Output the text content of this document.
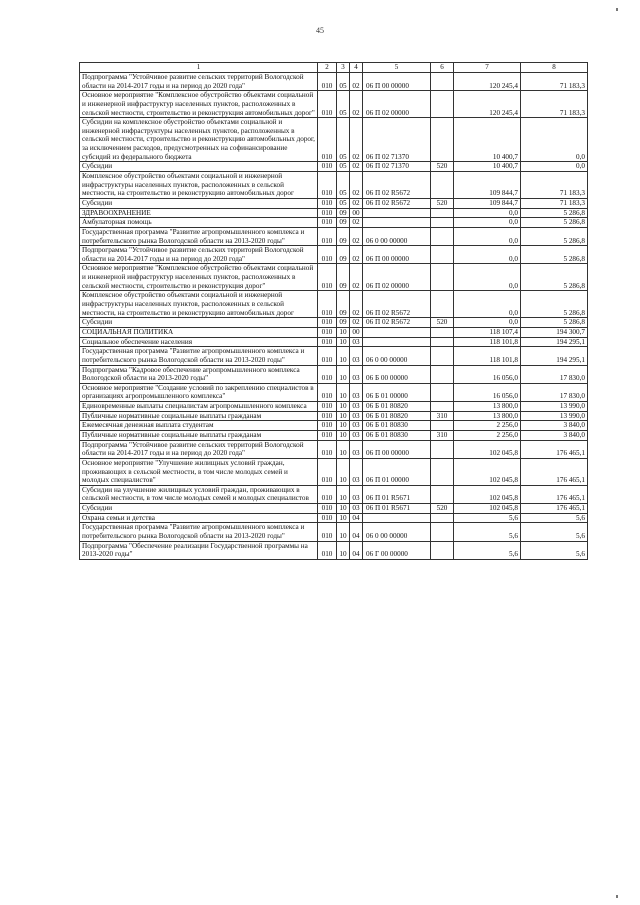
45
1	2	3	4	5	6	7	8
Подпрограмма "Устойчивое развитие сельских территорий Вологодской области на 2014-2017 годы и на период до 2020 года"	010	05	02	06 П 00 00000		120 245,4	71 183,3
Основное мероприятие "Комплексное обустройство объектами социальной и инженерной инфраструктур населенных пунктов, расположенных в сельской местности, строительство и реконструкция автомобильных дорог"	010	05	02	06 П 02 00000		120 245,4	71 183,3
Субсидии на комплексное обустройство объектами социальной и инженерной инфраструктуры населенных пунктов, расположенных в сельской местности, строительство и реконструкцию автомобильных дорог, за исключением расходов, предусмотренных на софинансирование субсидий из федерального бюджета	010	05	02	06 П 02 71370		10 400,7	0,0
Субсидии	010	05	02	06 П 02 71370	520	10 400,7	0,0
Комплексное обустройство объектами социальной и инженерной инфраструктуры населенных пунктов, расположенных в сельской местности, на строительство и реконструкцию автомобильных дорог	010	05	02	06 П 02 R5672		109 844,7	71 183,3
Субсидии	010	05	02	06 П 02 R5672	520	109 844,7	71 183,3
ЗДРАВООХРАНЕНИЕ	010	09	00			0,0	5 286,8
Амбулаторная помощь	010	09	02			0,0	5 286,8
Государственная программа "Развитие агропромышленного комплекса и потребительского рынка Вологодской области на 2013-2020 годы"	010	09	02	06 0 00 00000		0,0	5 286,8
Подпрограмма "Устойчивое развитие сельских территорий Вологодской области на 2014-2017 годы и на период до 2020 года"	010	09	02	06 П 00 00000		0,0	5 286,8
Основное мероприятие "Комплексное обустройство объектами социальной и инженерной инфраструктур населенных пунктов, расположенных в сельской местности, строительство и реконструкция дорог"	010	09	02	06 П 02 00000		0,0	5 286,8
Комплексное обустройство объектами социальной и инженерной инфраструктуры населенных пунктов, расположенных в сельской местности, на строительство и реконструкцию автомобильных дорог	010	09	02	06 П 02 R5672		0,0	5 286,8
Субсидии	010	09	02	06 П 02 R5672	520	0,0	5 286,8
СОЦИАЛЬНАЯ ПОЛИТИКА	010	10	00			118 107,4	194 300,7
Социальное обеспечение населения	010	10	03			118 101,8	194 295,1
Государственная программа "Развитие агропромышленного комплекса и потребительского рынка Вологодской области на 2013-2020 годы"	010	10	03	06 0 00 00000		118 101,8	194 295,1
Подпрограмма "Кадровое обеспечение агропромышленного комплекса Вологодской области на 2013-2020 годы"	010	10	03	06 Б 00 00000		16 056,0	17 830,0
Основное мероприятие "Создание условий по закреплению специалистов в организациях агропромышленного комплекса"	010	10	03	06 Б 01 00000		16 056,0	17 830,0
Единовременные выплаты специалистам агропромышленного комплекса	010	10	03	06 Б 01 80820		13 800,0	13 990,0
Публичные нормативные социальные выплаты гражданам	010	10	03	06 Б 01 80820	310	13 800,0	13 990,0
Ежемесячная денежная выплата студентам	010	10	03	06 Б 01 80830		2 256,0	3 840,0
Публичные нормативные социальные выплаты гражданам	010	10	03	06 Б 01 80830	310	2 256,0	3 840,0
Подпрограмма "Устойчивое развитие сельских территорий Вологодской области на 2014-2017 годы и на период до 2020 года"	010	10	03	06 П 00 00000		102 045,8	176 465,1
Основное мероприятие "Улучшение жилищных условий граждан, проживающих в сельской местности, в том числе молодых семей и молодых специалистов"	010	10	03	06 П 01 00000		102 045,8	176 465,1
Субсидии на улучшение жилищных условий граждан, проживающих в сельской местности, в том числе молодых семей и молодых специалистов	010	10	03	06 П 01 R5671		102 045,8	176 465,1
Субсидии	010	10	03	06 П 01 R5671	520	102 045,8	176 465,1
Охрана семьи и детства	010	10	04			5,6	5,6
Государственная программа "Развитие агропромышленного комплекса и потребительского рынка Вологодской области на 2013-2020 годы"	010	10	04	06 0 00 00000		5,6	5,6
Подпрограмма "Обеспечение реализации Государственной программы на 2013-2020 годы"	010	10	04	06 Г 00 00000		5,6	5,6
